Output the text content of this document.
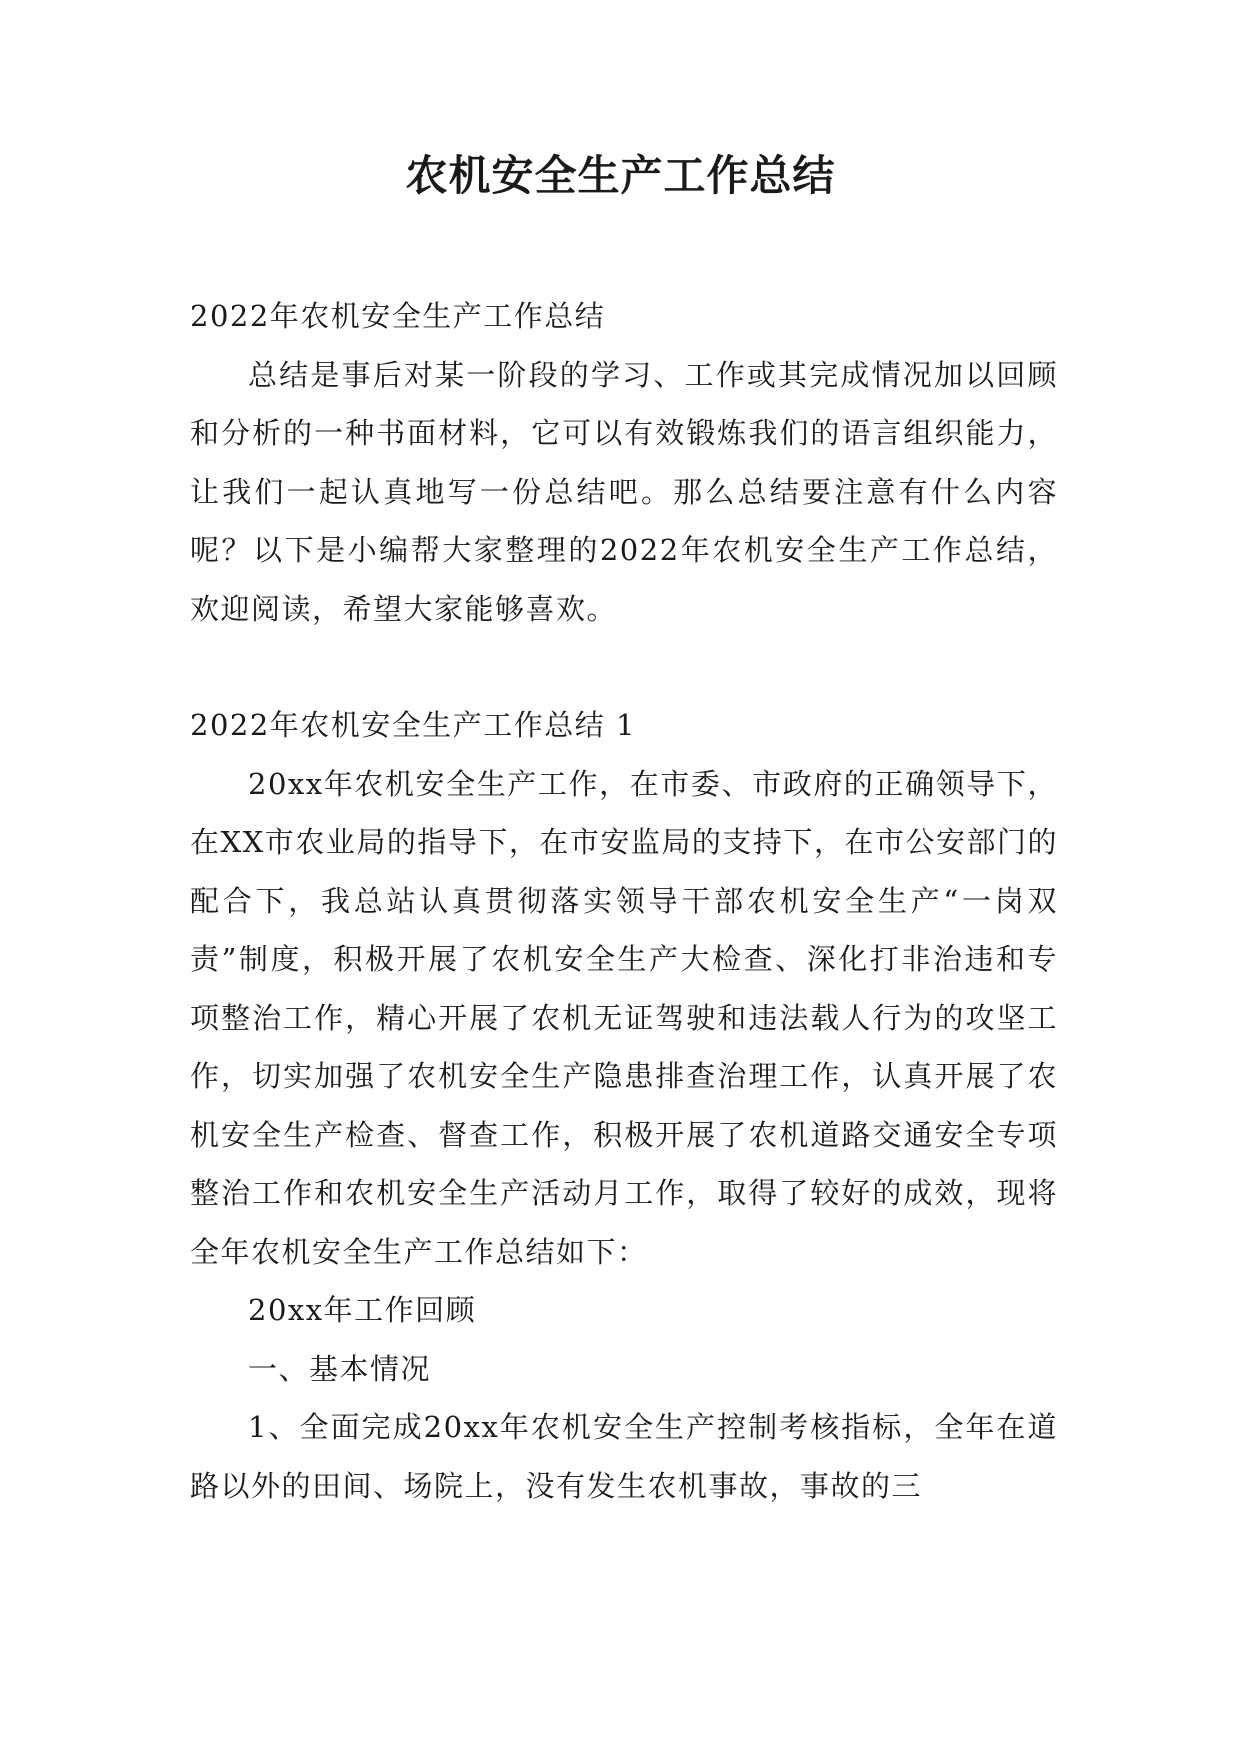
农机安全生产工作总结

2022年农机安全生产工作总结

总结是事后对某一阶段的学习、工作或其完成情况加以回顾和分析的一种书面材料，它可以有效锻炼我们的语言组织能力，让我们一起认真地写一份总结吧。那么总结要注意有什么内容呢？以下是小编帮大家整理的2022年农机安全生产工作总结，欢迎阅读，希望大家能够喜欢。

2022年农机安全生产工作总结 1

20xx年农机安全生产工作，在市委、市政府的正确领导下，在XX市农业局的指导下，在市安监局的支持下，在市公安部门的配合下，我总站认真贯彻落实领导干部农机安全生产“一岗双责”制度，积极开展了农机安全生产大检查、深化打非治违和专项整治工作，精心开展了农机无证驾驶和违法载人行为的攻坚工作，切实加强了农机安全生产隐患排查治理工作，认真开展了农机安全生产检查、督查工作，积极开展了农机道路交通安全专项整治工作和农机安全生产活动月工作，取得了较好的成效，现将全年农机安全生产工作总结如下：

20xx年工作回顾

一、基本情况

1、全面完成20xx年农机安全生产控制考核指标，全年在道路以外的田间、场院上，没有发生农机事故，事故的三
